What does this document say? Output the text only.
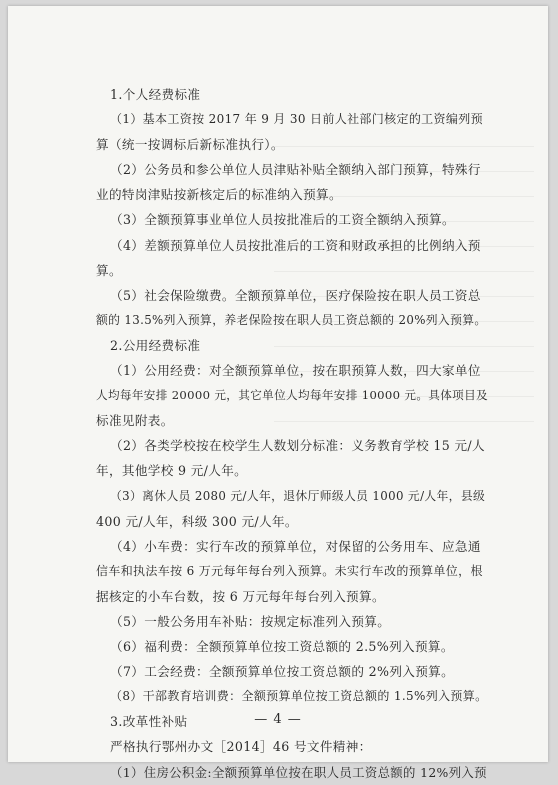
1.个人经费标准

（1）基本工资按 2017 年 9 月 30 日前人社部门核定的工资编列预

算（统一按调标后新标准执行）。

（2）公务员和参公单位人员津贴补贴全额纳入部门预算，特殊行

业的特岗津贴按新核定后的标准纳入预算。

（3）全额预算事业单位人员按批准后的工资全额纳入预算。

（4）差额预算单位人员按批准后的工资和财政承担的比例纳入预

算。

（5）社会保险缴费。全额预算单位，医疗保险按在职人员工资总

额的 13.5%列入预算，养老保险按在职人员工资总额的 20%列入预算。

2.公用经费标准

（1）公用经费：对全额预算单位，按在职预算人数，四大家单位

人均每年安排 20000 元，其它单位人均每年安排 10000 元。具体项目及

标准见附表。

（2）各类学校按在校学生人数划分标准：义务教育学校 15 元/人

年，其他学校 9 元/人年。

（3）离休人员 2080 元/人年，退休厅师级人员 1000 元/人年，县级

400 元/人年，科级 300 元/人年。

（4）小车费：实行车改的预算单位，对保留的公务用车、应急通

信车和执法车按 6 万元每年每台列入预算。未实行车改的预算单位，根

据核定的小车台数，按 6 万元每年每台列入预算。

（5）一般公务用车补贴：按规定标准列入预算。

（6）福利费：全额预算单位按工资总额的 2.5%列入预算。

（7）工会经费：全额预算单位按工资总额的 2%列入预算。

（8）干部教育培训费：全额预算单位按工资总额的 1.5%列入预算。

3.改革性补贴

严格执行鄂州办文［2014］46 号文件精神：

（1）住房公积金:全额预算单位按在职人员工资总额的 12%列入预

— 4 —
